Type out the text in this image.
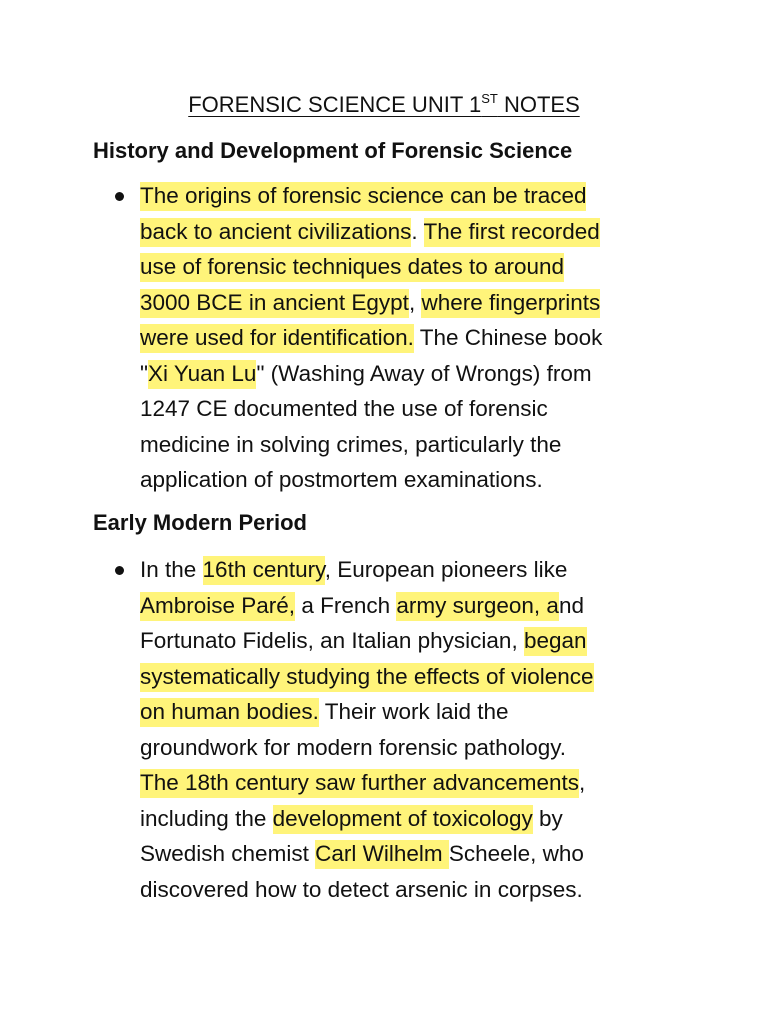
FORENSIC SCIENCE UNIT 1ST NOTES
History and Development of Forensic Science
The origins of forensic science can be traced
back to ancient civilizations. The first recorded
use of forensic techniques dates to around
3000 BCE in ancient Egypt, where fingerprints
were used for identification. The Chinese book
"Xi Yuan Lu" (Washing Away of Wrongs) from
1247 CE documented the use of forensic
medicine in solving crimes, particularly the
application of postmortem examinations.
Early Modern Period
In the 16th century, European pioneers like
Ambroise Paré, a French army surgeon, and
Fortunato Fidelis, an Italian physician, began
systematically studying the effects of violence
on human bodies. Their work laid the
groundwork for modern forensic pathology.
The 18th century saw further advancements,
including the development of toxicology by
Swedish chemist Carl Wilhelm Scheele, who
discovered how to detect arsenic in corpses.
